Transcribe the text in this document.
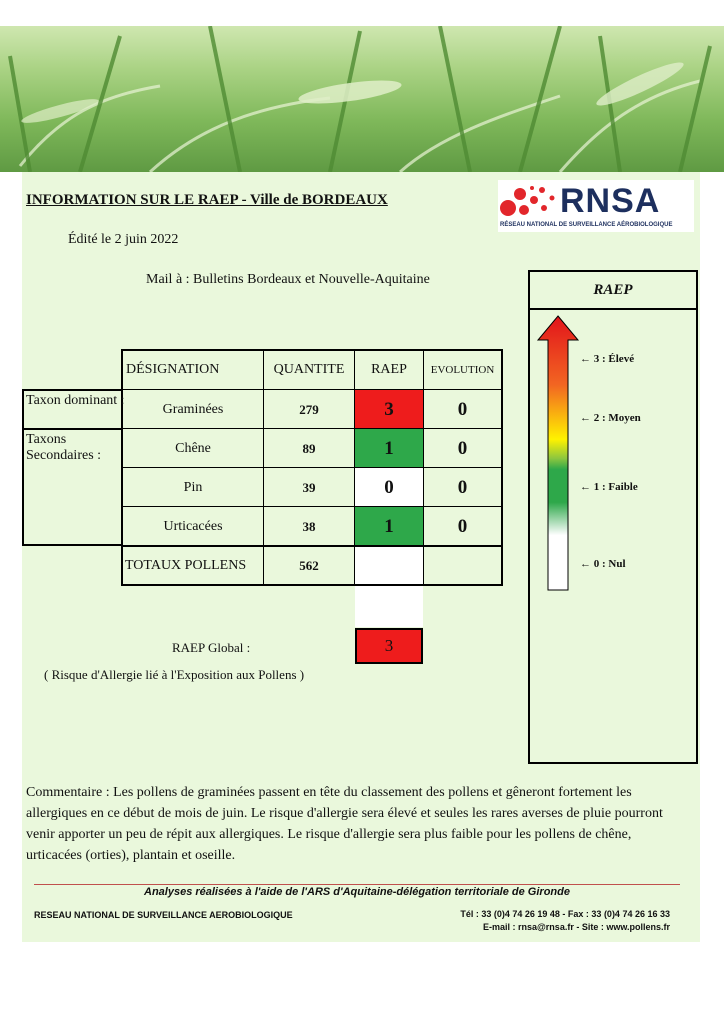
INFORMATION SUR LE RAEP - Ville de BORDEAUX
Édité le 2 juin 2022
Mail à : Bulletins Bordeaux et Nouvelle-Aquitaine
RNSA
RÉSEAU NATIONAL DE SURVEILLANCE AÉROBIOLOGIQUE
Taxon dominant :
Taxons Secondaires :
DÉSIGNATION	QUANTITE	RAEP	EVOLUTION
Graminées	279	3	0
Chêne	89	1	0
Pin	39	0	0
Urticacées	38	1	0
TOTAUX POLLENS	562
RAEP Global :	3
( Risque d'Allergie lié à l'Exposition aux Pollens )
RAEP
← 3 : Élevé
← 2 : Moyen
← 1 : Faible
← 0 : Nul
Commentaire : Les pollens de graminées passent en tête du classement des pollens et gêneront fortement les allergiques en ce début de mois de juin. Le risque d'allergie sera élevé et seules les rares averses de pluie pourront venir apporter un peu de répit aux allergiques. Le risque d'allergie sera plus faible pour les pollens de chêne, urticacées (orties), plantain et oseille.
Analyses réalisées à l'aide de l'ARS d'Aquitaine-délégation territoriale de Gironde
RESEAU NATIONAL DE SURVEILLANCE AEROBIOLOGIQUE	Tél : 33 (0)4 74 26 19 48 - Fax : 33 (0)4 74 26 16 33
E-mail : rnsa@rnsa.fr - Site : www.pollens.fr
